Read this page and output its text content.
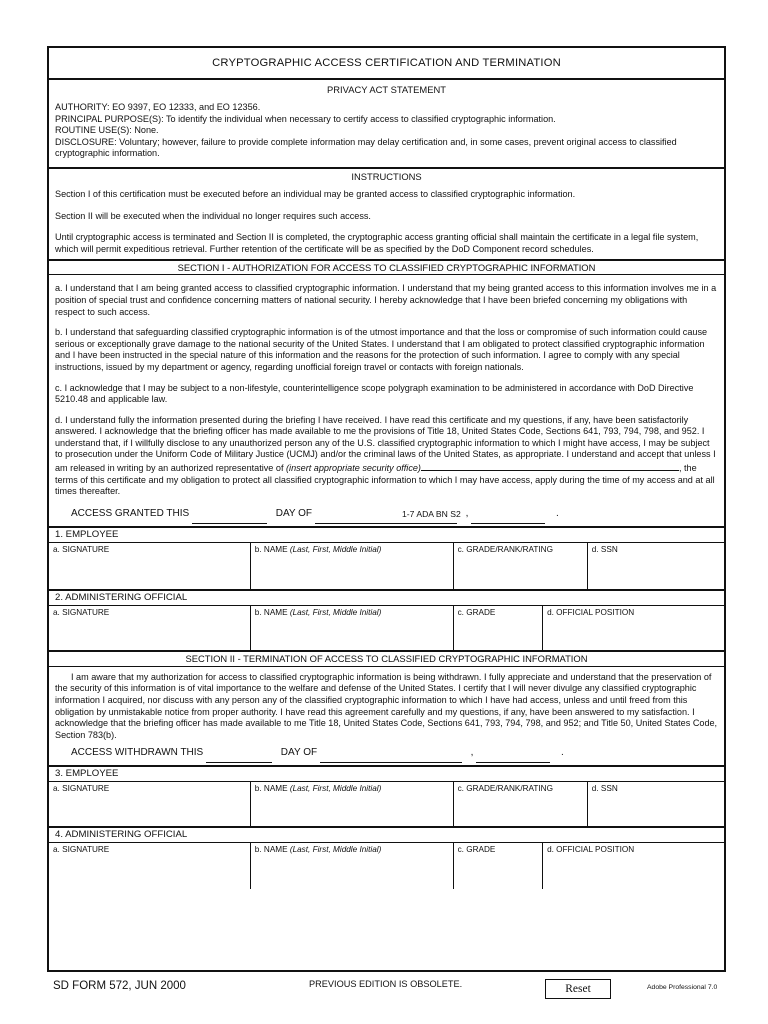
CRYPTOGRAPHIC ACCESS CERTIFICATION AND TERMINATION
PRIVACY ACT STATEMENT

AUTHORITY: EO 9397, EO 12333, and EO 12356.

PRINCIPAL PURPOSE(S): To identify the individual when necessary to certify access to classified cryptographic information.

ROUTINE USE(S): None.

DISCLOSURE: Voluntary; however, failure to provide complete information may delay certification and, in some cases, prevent original access to classified cryptographic information.

INSTRUCTIONS

Section I of this certification must be executed before an individual may be granted access to classified cryptographic information.

Section II will be executed when the individual no longer requires such access.

Until cryptographic access is terminated and Section II is completed, the cryptographic access granting official shall maintain the certificate in a legal file system, which will permit expeditious retrieval. Further retention of the certificate will be as specified by the DoD Component record schedules.

SECTION I - AUTHORIZATION FOR ACCESS TO CLASSIFIED CRYPTOGRAPHIC INFORMATION

a. I understand that I am being granted access to classified cryptographic information. I understand that my being granted access to this information involves me in a position of special trust and confidence concerning matters of national security. I hereby acknowledge that I have been briefed concerning my obligations with respect to such access.

b. I understand that safeguarding classified cryptographic information is of the utmost importance and that the loss or compromise of such information could cause serious or exceptionally grave damage to the national security of the United States. I understand that I am obligated to protect classified cryptographic information and I have been instructed in the special nature of this information and the reasons for the protection of such information. I agree to comply with any special instructions, issued by my department or agency, regarding unofficial foreign travel or contacts with foreign nationals.

c. I acknowledge that I may be subject to a non-lifestyle, counterintelligence scope polygraph examination to be administered in accordance with DoD Directive 5210.48 and applicable law.

d. I understand fully the information presented during the briefing I have received. I have read this certificate and my questions, if any, have been satisfactorily answered. I acknowledge that the briefing officer has made available to me the provisions of Title 18, United States Code, Sections 641, 793, 794, 798, and 952. I understand that, if I willfully disclose to any unauthorized person any of the U.S. classified cryptographic information to which I might have access, I may be subject to prosecution under the Uniform Code of Military Justice (UCMJ) and/or the criminal laws of the United States, as appropriate. I understand and accept that unless I am released in writing by an authorized representative of (insert appropriate security office)	, the terms of this certificate and my obligation to protect all classified cryptographic information to which I may have access, apply during the time of my access and at all times thereafter.

1-7 ADA BN S2
ACCESS GRANTED THIS	DAY OF	,	.
1. EMPLOYEE
a. SIGNATURE	b. NAME (Last, First, Middle Initial)	c. GRADE/RANK/RATING	d. SSN
2. ADMINISTERING OFFICIAL
a. SIGNATURE	b. NAME (Last, First, Middle Initial)	c. GRADE	d. OFFICIAL POSITION
SECTION II - TERMINATION OF ACCESS TO CLASSIFIED CRYPTOGRAPHIC INFORMATION

I am aware that my authorization for access to classified cryptographic information is being withdrawn. I fully appreciate and understand that the preservation of the security of this information is of vital importance to the welfare and defense of the United States. I certify that I will never divulge any classified cryptographic information I acquired, nor discuss with any person any of the classified cryptographic information to which I have had access, unless and until freed from this obligation by unmistakable notice from proper authority. I have read this agreement carefully and my questions, if any, have been answered to my satisfaction. I acknowledge that the briefing officer has made available to me Title 18, United States Code, Sections 641, 793, 794, 798, and 952; and Title 50, United States Code, Section 783(b).

ACCESS WITHDRAWN THIS	DAY OF	,	.
3. EMPLOYEE
a. SIGNATURE	b. NAME (Last, First, Middle Initial)	c. GRADE/RANK/RATING	d. SSN
4. ADMINISTERING OFFICIAL
a. SIGNATURE	b. NAME (Last, First, Middle Initial)	c. GRADE	d. OFFICIAL POSITION
SD FORM 572, JUN 2000	PREVIOUS EDITION IS OBSOLETE.	Reset	Adobe Professional 7.0
